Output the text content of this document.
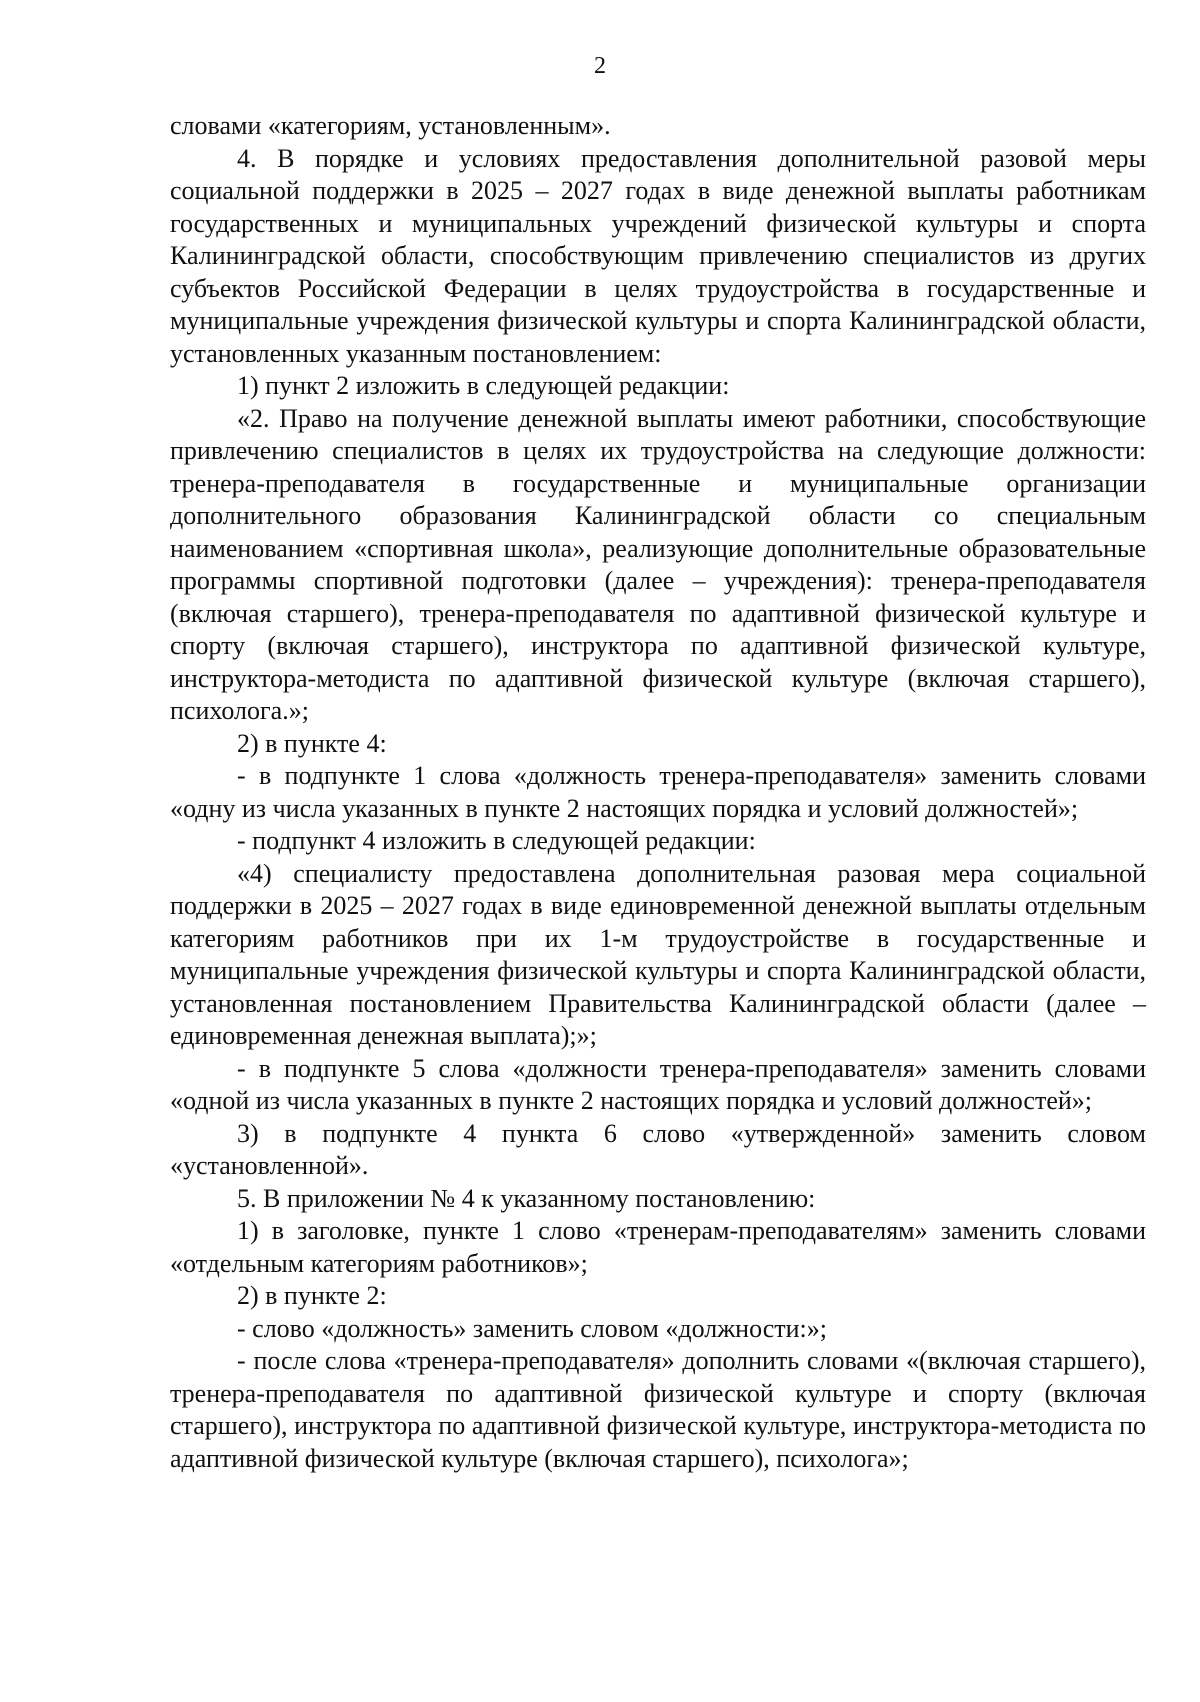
2

словами «категориям, установленным».

4. В порядке и условиях предоставления дополнительной разовой меры социальной поддержки в 2025 – 2027 годах в виде денежной выплаты работникам государственных и муниципальных учреждений физической культуры и спорта Калининградской области, способствующим привлечению специалистов из других субъектов Российской Федерации в целях трудоустройства в государственные и муниципальные учреждения физической культуры и спорта Калининградской области, установленных указанным постановлением:

1) пункт 2 изложить в следующей редакции:

«2. Право на получение денежной выплаты имеют работники, способствующие привлечению специалистов в целях их трудоустройства на следующие должности: тренера-преподавателя в государственные и муниципальные организации дополнительного образования Калининградской области со специальным наименованием «спортивная школа», реализующие дополнительные образовательные программы спортивной подготовки (далее – учреждения): тренера-преподавателя (включая старшего), тренера-преподавателя по адаптивной физической культуре и спорту (включая старшего), инструктора по адаптивной физической культуре, инструктора-методиста по адаптивной физической культуре (включая старшего), психолога.»;

2) в пункте 4:

- в подпункте 1 слова «должность тренера-преподавателя» заменить словами «одну из числа указанных в пункте 2 настоящих порядка и условий должностей»;

- подпункт 4 изложить в следующей редакции:

«4) специалисту предоставлена дополнительная разовая мера социальной поддержки в 2025 – 2027 годах в виде единовременной денежной выплаты отдельным категориям работников при их 1-м трудоустройстве в государственные и муниципальные учреждения физической культуры и спорта Калининградской области, установленная постановлением Правительства Калининградской области (далее – единовременная денежная выплата);»;

- в подпункте 5 слова «должности тренера-преподавателя» заменить словами «одной из числа указанных в пункте 2 настоящих порядка и условий должностей»;

3) в подпункте 4 пункта 6 слово «утвержденной» заменить словом «установленной».

5. В приложении № 4 к указанному постановлению:

1) в заголовке, пункте 1 слово «тренерам-преподавателям» заменить словами «отдельным категориям работников»;

2) в пункте 2:

- слово «должность» заменить словом «должности:»;

- после слова «тренера-преподавателя» дополнить словами «(включая старшего), тренера-преподавателя по адаптивной физической культуре и спорту (включая старшего), инструктора по адаптивной физической культуре, инструктора-методиста по адаптивной физической культуре (включая старшего), психолога»;
